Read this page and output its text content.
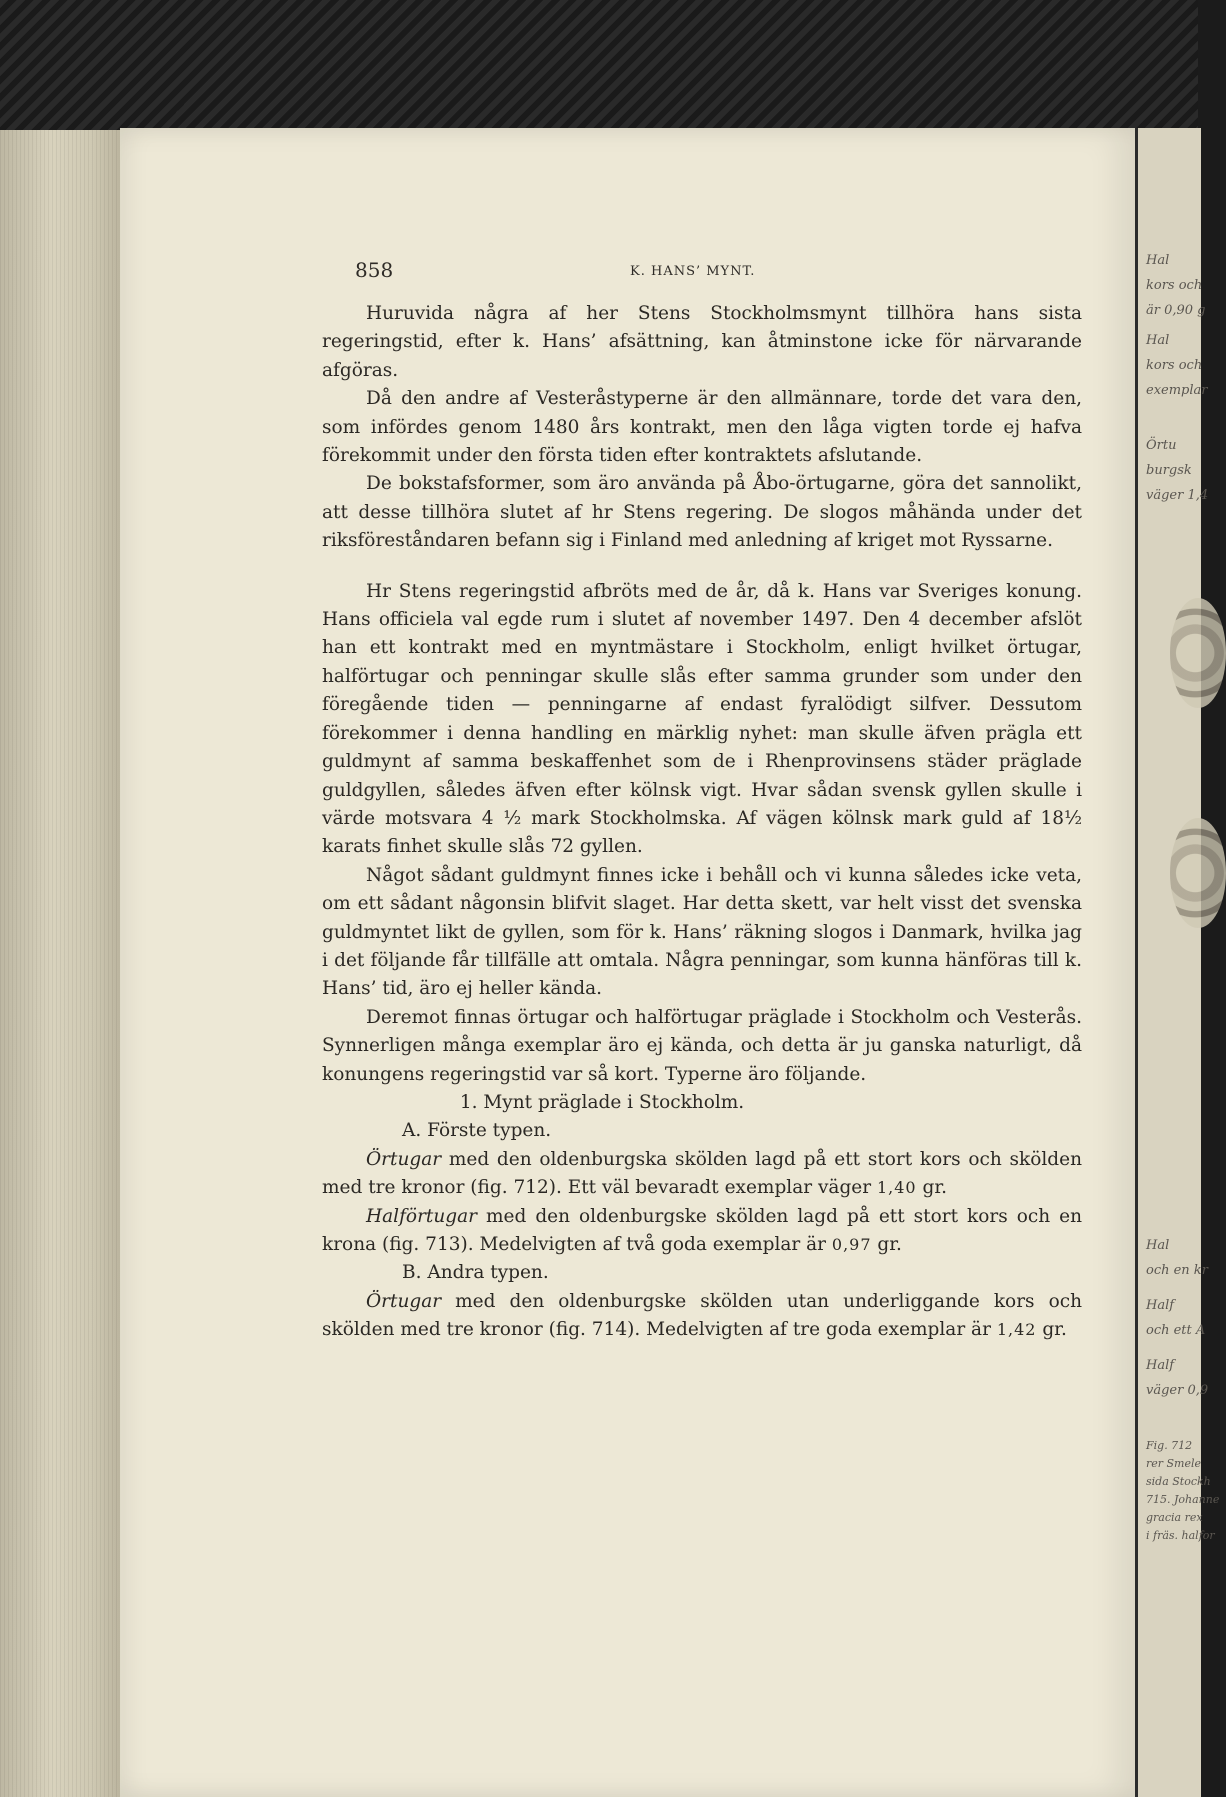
Hal
kors och
är 0,90 g
Hal
kors och
exemplar
Örtu
burgsk
väger 1,4
Hal
och en kr
Half
och ett A
Half
väger 0,9
Fig. 712
rer Smele
sida Stockh
715. Johanne
gracia rex
i fräs. halfor
858	K. HANS’ MYNT.

Huruvida några af her Stens Stockholmsmynt tillhöra hans sista regeringstid, efter k. Hans’ afsättning, kan åtminstone icke för närvarande afgöras.

Då den andre af Vesteråstyperne är den allmännare, torde det vara den, som infördes genom 1480 års kontrakt, men den låga vigten torde ej hafva förekommit under den första tiden efter kontraktets afslutande.

De bokstafsformer, som äro använda på Åbo-örtugarne, göra det sannolikt, att desse tillhöra slutet af hr Stens regering. De slogos måhända under det riksföreståndaren befann sig i Finland med anledning af kriget mot Ryssarne.

Hr Stens regeringstid afbröts med de år, då k. Hans var Sveriges konung. Hans officiela val egde rum i slutet af november 1497. Den 4 december afslöt han ett kontrakt med en myntmästare i Stockholm, enligt hvilket örtugar, halförtugar och penningar skulle slås efter samma grunder som under den föregående tiden — penningarne af endast fyralödigt silfver. Dessutom förekommer i denna handling en märklig nyhet: man skulle äfven prägla ett guldmynt af samma beskaffenhet som de i Rhenprovinsens städer präglade guldgyllen, således äfven efter kölnsk vigt. Hvar sådan svensk gyllen skulle i värde motsvara 4 ½ mark Stockholmska. Af vägen kölnsk mark guld af 18½ karats finhet skulle slås 72 gyllen.

Något sådant guldmynt finnes icke i behåll och vi kunna således icke veta, om ett sådant någonsin blifvit slaget. Har detta skett, var helt visst det svenska guldmyntet likt de gyllen, som för k. Hans’ räkning slogos i Danmark, hvilka jag i det följande får tillfälle att omtala. Några penningar, som kunna hänföras till k. Hans’ tid, äro ej heller kända.

Deremot finnas örtugar och halförtugar präglade i Stockholm och Vesterås. Synnerligen många exemplar äro ej kända, och detta är ju ganska naturligt, då konungens regeringstid var så kort. Typerne äro följande.

1. Mynt präglade i Stockholm.

A. Förste typen.

Örtugar med den oldenburgska skölden lagd på ett stort kors och skölden med tre kronor (fig. 712). Ett väl bevaradt exemplar väger 1,40 gr.

Halförtugar med den oldenburgske skölden lagd på ett stort kors och en krona (fig. 713). Medelvigten af två goda exemplar är 0,97 gr.

B. Andra typen.

Örtugar med den oldenburgske skölden utan underliggande kors och skölden med tre kronor (fig. 714). Medelvigten af tre goda exemplar är 1,42 gr.
